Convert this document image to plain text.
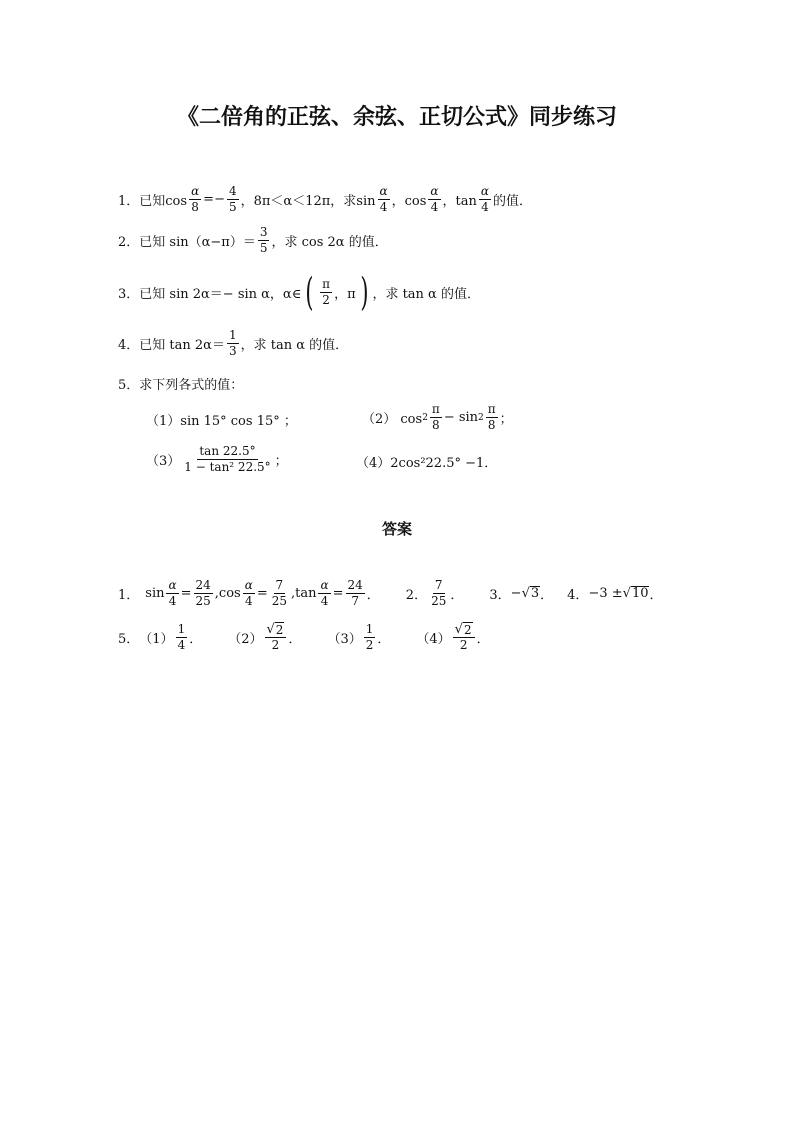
《二倍角的正弦、余弦、正切公式》同步练习
1． 已知$\cos \frac{\alpha}{8} =- \frac{4}{5}$ ，8π＜α＜12π，求$\sin \frac{\alpha}{4}$ ，$\cos \frac{\alpha}{4}$ ，$\tan \frac{\alpha}{4}$ 的值．
2． 已知 $\sin(\alpha-\pi)= \frac{3}{5}$ ，求 cos 2α 的值．
3． 已知 sin 2α＝− sin α，α∈ ( $\frac{\pi}{2}$ ，π ) ，求 tan α 的值．
4． 已知 $\tan 2\alpha= \frac{1}{3}$ ，求 tan α 的值．
5． 求下列各式的值：
（1）sin 15° cos 15° ；	（2） $\cos 2 \frac{\pi}{8} - \sin 2 \frac{\pi}{8}$ ；
$(3) \frac{\tan 22.5^\circ}{\text{1 − tan² 22.5°}}$ ；	（4）2cos²22.5° −1．
答案
1． $\sin \frac{\alpha}{4} = \frac{24}{25} ,\cos \frac{\alpha}{4} = \frac{7}{25} ,\tan \frac{\alpha}{4} = \frac{24}{7}$ ． 2． $\frac{7}{25}$ ． 3． − √ 3 ． 4． −3 ± √ 10 ．
5． $(1) \frac{1}{4}$ ． $(2) \frac{√ 2}{2}$ ． $(3) \frac{1}{2}$ ． $(4) \frac{√ 2}{2}$ ．
